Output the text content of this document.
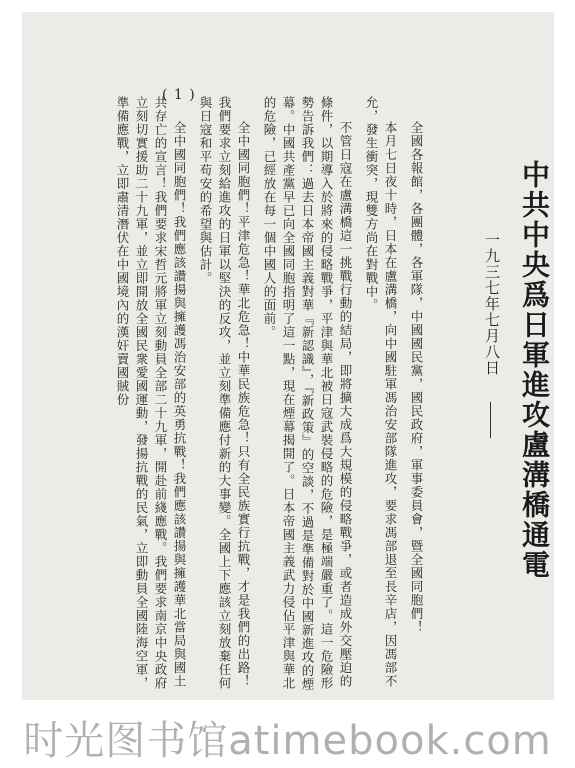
( 1 )
中共中央爲日軍進攻盧溝橋通電
一九三七年七月八日

全國各報館，各團體，各軍隊，中國國民黨，國民政府，軍事委員會，暨全國同胞們！

本月七日夜十時，日本在盧溝橋，向中國駐軍馮治安部隊進攻，要求馮部退至長辛店，因馮部不允，發生衝突，現雙方尚在對戰中。

不管日寇在盧溝橋這一挑戰行動的結局，即將擴大成爲大規模的侵略戰爭，或者造成外交壓迫的條件，以期導入於將來的侵略戰爭，平津與華北被日寇武裝侵略的危險，是極端嚴重了。這一危險形勢告訴我們：過去日本帝國主義對華『新認識』，『新政策』的空談，不過是準備對於中國新進攻的煙幕。中國共產黨早已向全國同胞指明了這一點，現在煙幕揭開了。日本帝國主義武力侵佔平津與華北的危險，已經放在每一個中國人的面前。

全中國同胞們！平津危急！華北危急！中華民族危急！只有全民族實行抗戰，才是我們的出路！我們要求立刻給進攻的日軍以堅決的反攻，並立刻準備應付新的大事變。全國上下應該立刻放棄任何與日寇和平苟安的希望與估計。

全中國同胞們！我們應該讚揚與擁護馮治安部的英勇抗戰！我們應該讚揚與擁護華北當局與國土共存亡的宣言！我們要求宋哲元將軍立刻動員全部二十九軍，開赴前綫應戰。我們要求南京中央政府立刻切實援助二十九軍，並立即開放全國民衆愛國運動，發揚抗戰的民氣，立即動員全國陸海空軍，準備應戰，立即肅清潛伏在中國境內的漢奸賣國賊份

时光图书馆atimebook.com
